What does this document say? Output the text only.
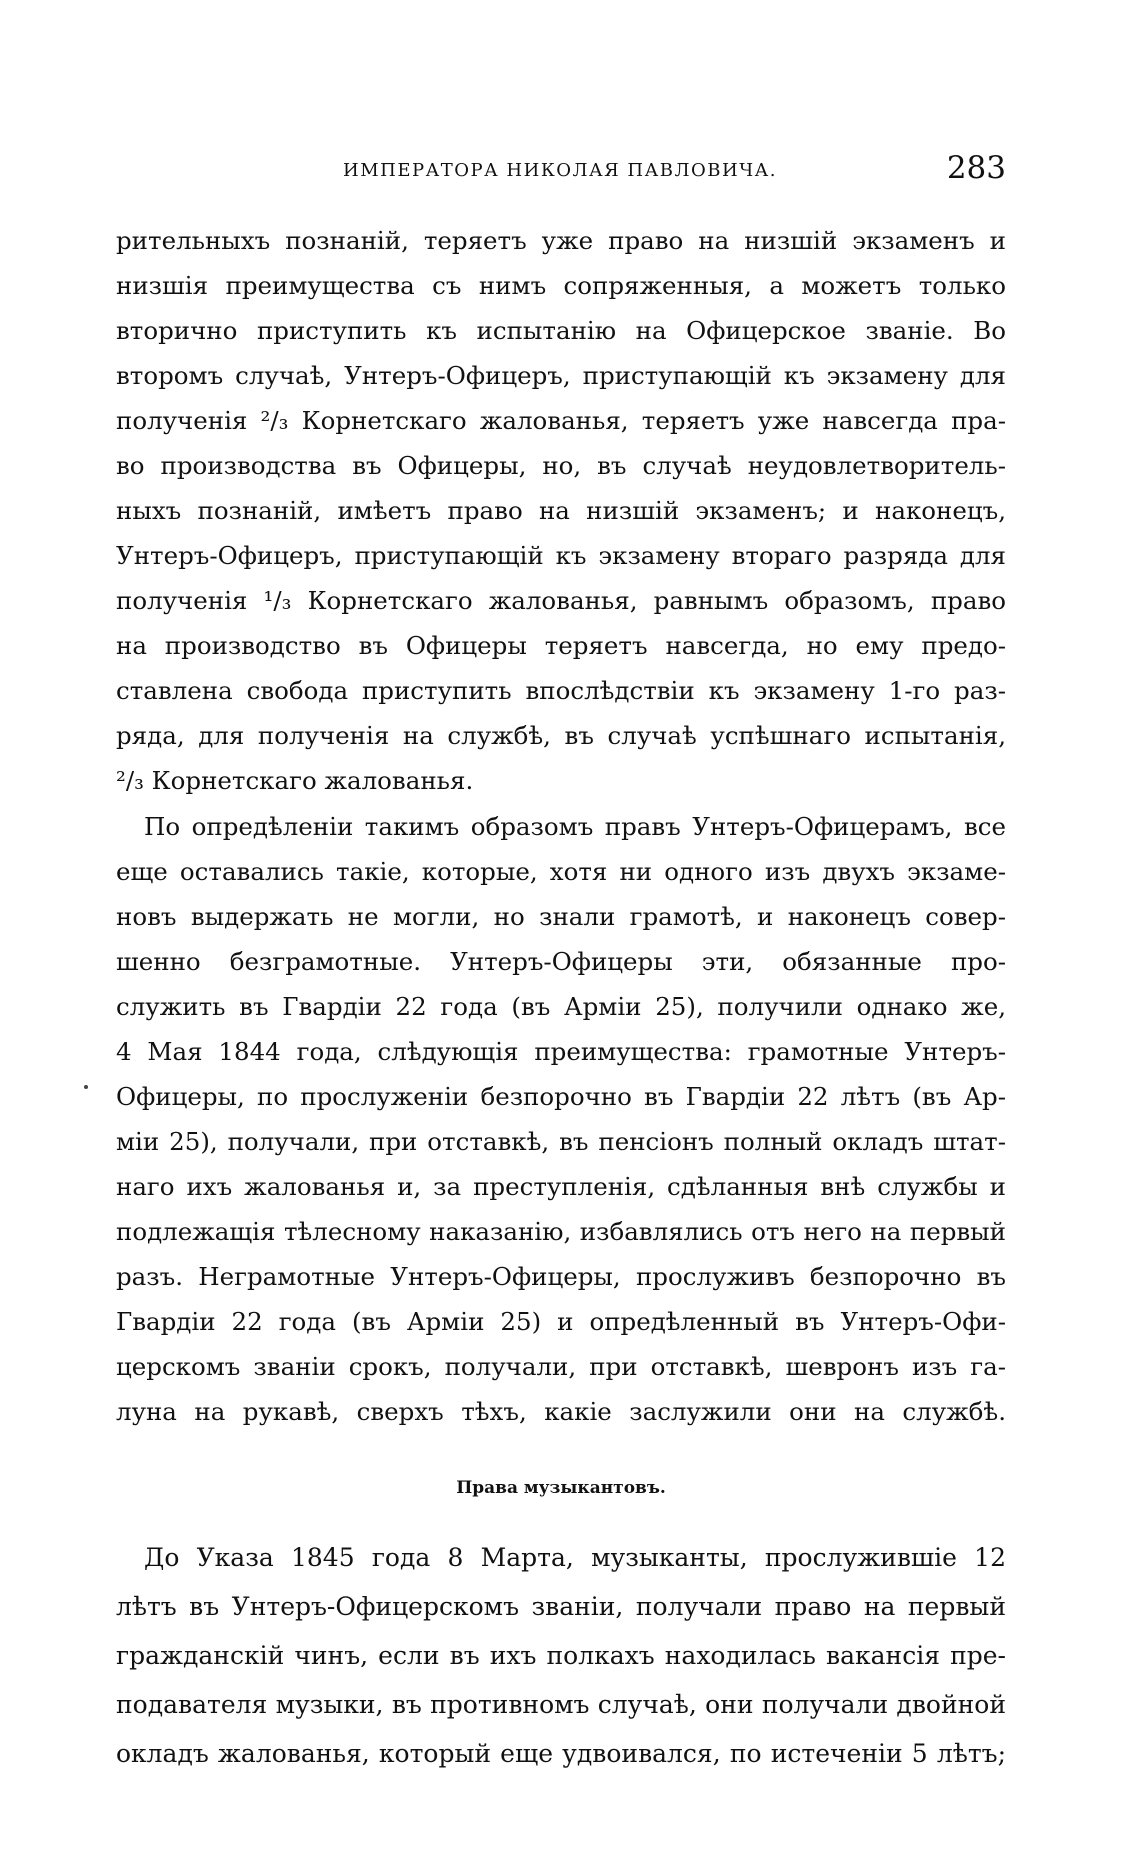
ИМПЕРАТОРА НИКОЛАЯ ПАВЛОВИЧА.	283
рительныхъ познаній, теряетъ уже право на низшій экзаменъ и
низшія преимущества съ нимъ сопряженныя, а можетъ только
вторично приступить къ испытанію на Офицерское званіе. Во
второмъ случаѣ, Унтеръ-Офицеръ, приступающій къ экзамену для
полученія ²/₃ Корнетскаго жалованья, теряетъ уже навсегда пра-
во производства въ Офицеры, но, въ случаѣ неудовлетворитель-
ныхъ познаній, имѣетъ право на низшій экзаменъ; и наконецъ,
Унтеръ-Офицеръ, приступающій къ экзамену втораго разряда для
полученія ¹/₃ Корнетскаго жалованья, равнымъ образомъ, право
на производство въ Офицеры теряетъ навсегда, но ему предо-
ставлена свобода приступить впослѣдствіи къ экзамену 1-го раз-
ряда, для полученія на службѣ, въ случаѣ успѣшнаго испытанія,
²/₃ Корнетскаго жалованья.
По опредѣленіи такимъ образомъ правъ Унтеръ-Офицерамъ, все
еще оставались такіе, которые, хотя ни одного изъ двухъ экзаме-
новъ выдержать не могли, но знали грамотѣ, и наконецъ совер-
шенно безграмотные. Унтеръ-Офицеры эти, обязанные про-
служить въ Гвардіи 22 года (въ Арміи 25), получили однако же,
4 Мая 1844 года, слѣдующія преимущества: грамотные Унтеръ-
Офицеры, по прослуженіи безпорочно въ Гвардіи 22 лѣтъ (въ Ар-
міи 25), получали, при отставкѣ, въ пенсіонъ полный окладъ штат-
наго ихъ жалованья и, за преступленія, сдѣланныя внѣ службы и
подлежащія тѣлесному наказанію, избавлялись отъ него на первый
разъ. Неграмотные Унтеръ-Офицеры, прослуживъ безпорочно въ
Гвардіи 22 года (въ Арміи 25) и опредѣленный въ Унтеръ-Офи-
церскомъ званіи срокъ, получали, при отставкѣ, шевронъ изъ га-
луна на рукавѣ, сверхъ тѣхъ, какіе заслужили они на службѣ.
Права музыкантовъ.
До Указа 1845 года 8 Марта, музыканты, прослужившіе 12
лѣтъ въ Унтеръ-Офицерскомъ званіи, получали право на первый
гражданскій чинъ, если въ ихъ полкахъ находилась вакансія пре-
подавателя музыки, въ противномъ случаѣ, они получали двойной
окладъ жалованья, который еще удвоивался, по истеченіи 5 лѣтъ;
